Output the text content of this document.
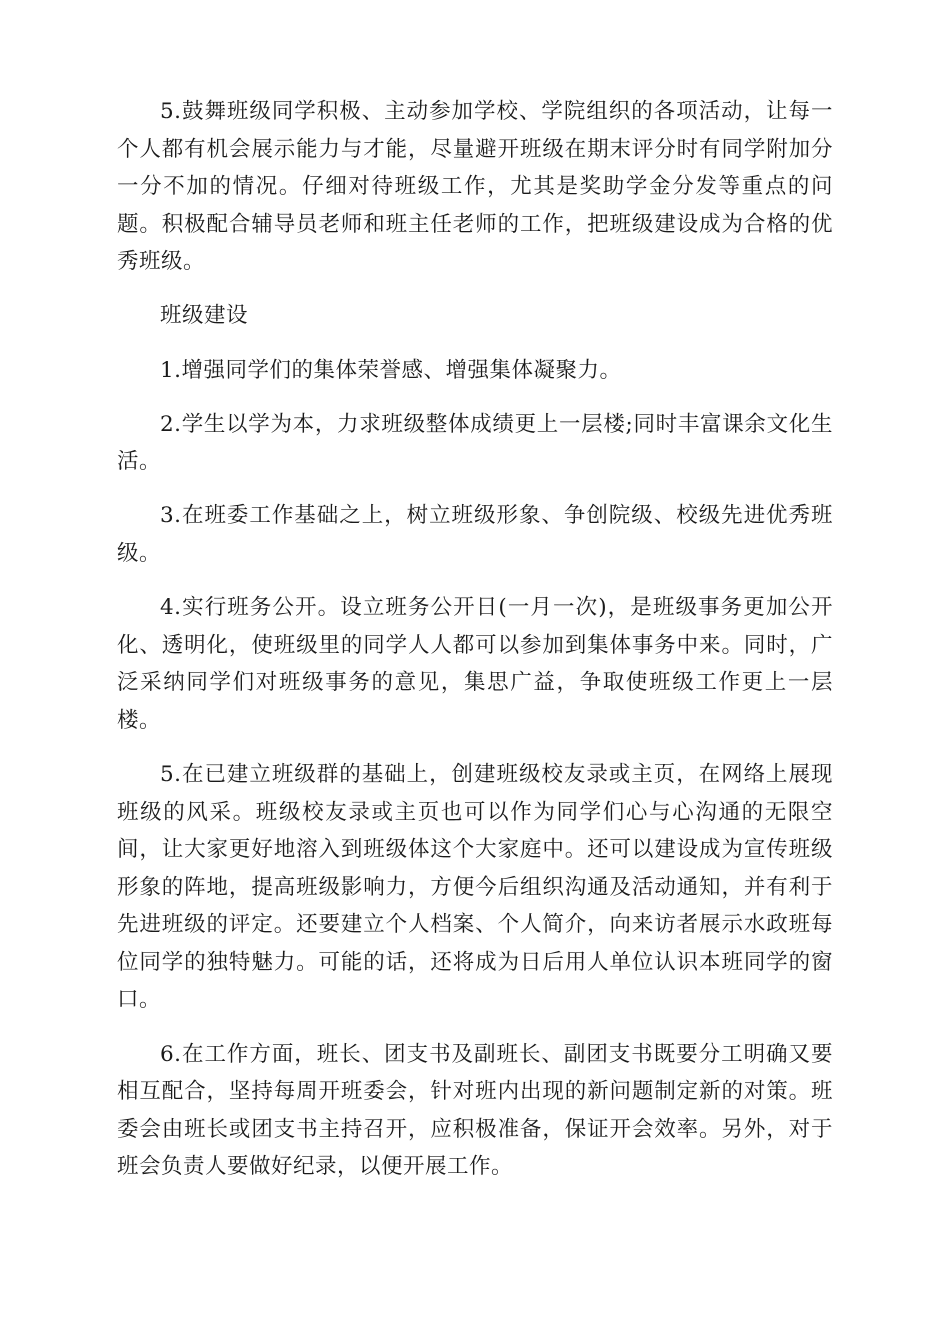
5.鼓舞班级同学积极、主动参加学校、学院组织的各项活动，让每一个人都有机会展示能力与才能，尽量避开班级在期末评分时有同学附加分一分不加的情况。仔细对待班级工作，尤其是奖助学金分发等重点的问题。积极配合辅导员老师和班主任老师的工作，把班级建设成为合格的优秀班级。

班级建设

1.增强同学们的集体荣誉感、增强集体凝聚力。

2.学生以学为本，力求班级整体成绩更上一层楼;同时丰富课余文化生活。

3.在班委工作基础之上，树立班级形象、争创院级、校级先进优秀班级。

4.实行班务公开。设立班务公开日(一月一次)，是班级事务更加公开化、透明化，使班级里的同学人人都可以参加到集体事务中来。同时，广泛采纳同学们对班级事务的意见，集思广益，争取使班级工作更上一层楼。

5.在已建立班级群的基础上，创建班级校友录或主页，在网络上展现班级的风采。班级校友录或主页也可以作为同学们心与心沟通的无限空间，让大家更好地溶入到班级体这个大家庭中。还可以建设成为宣传班级形象的阵地，提高班级影响力，方便今后组织沟通及活动通知，并有利于先进班级的评定。还要建立个人档案、个人简介，向来访者展示水政班每位同学的独特魅力。可能的话，还将成为日后用人单位认识本班同学的窗口。

6.在工作方面，班长、团支书及副班长、副团支书既要分工明确又要相互配合，坚持每周开班委会，针对班内出现的新问题制定新的对策。班委会由班长或团支书主持召开，应积极准备，保证开会效率。另外，对于班会负责人要做好纪录，以便开展工作。
